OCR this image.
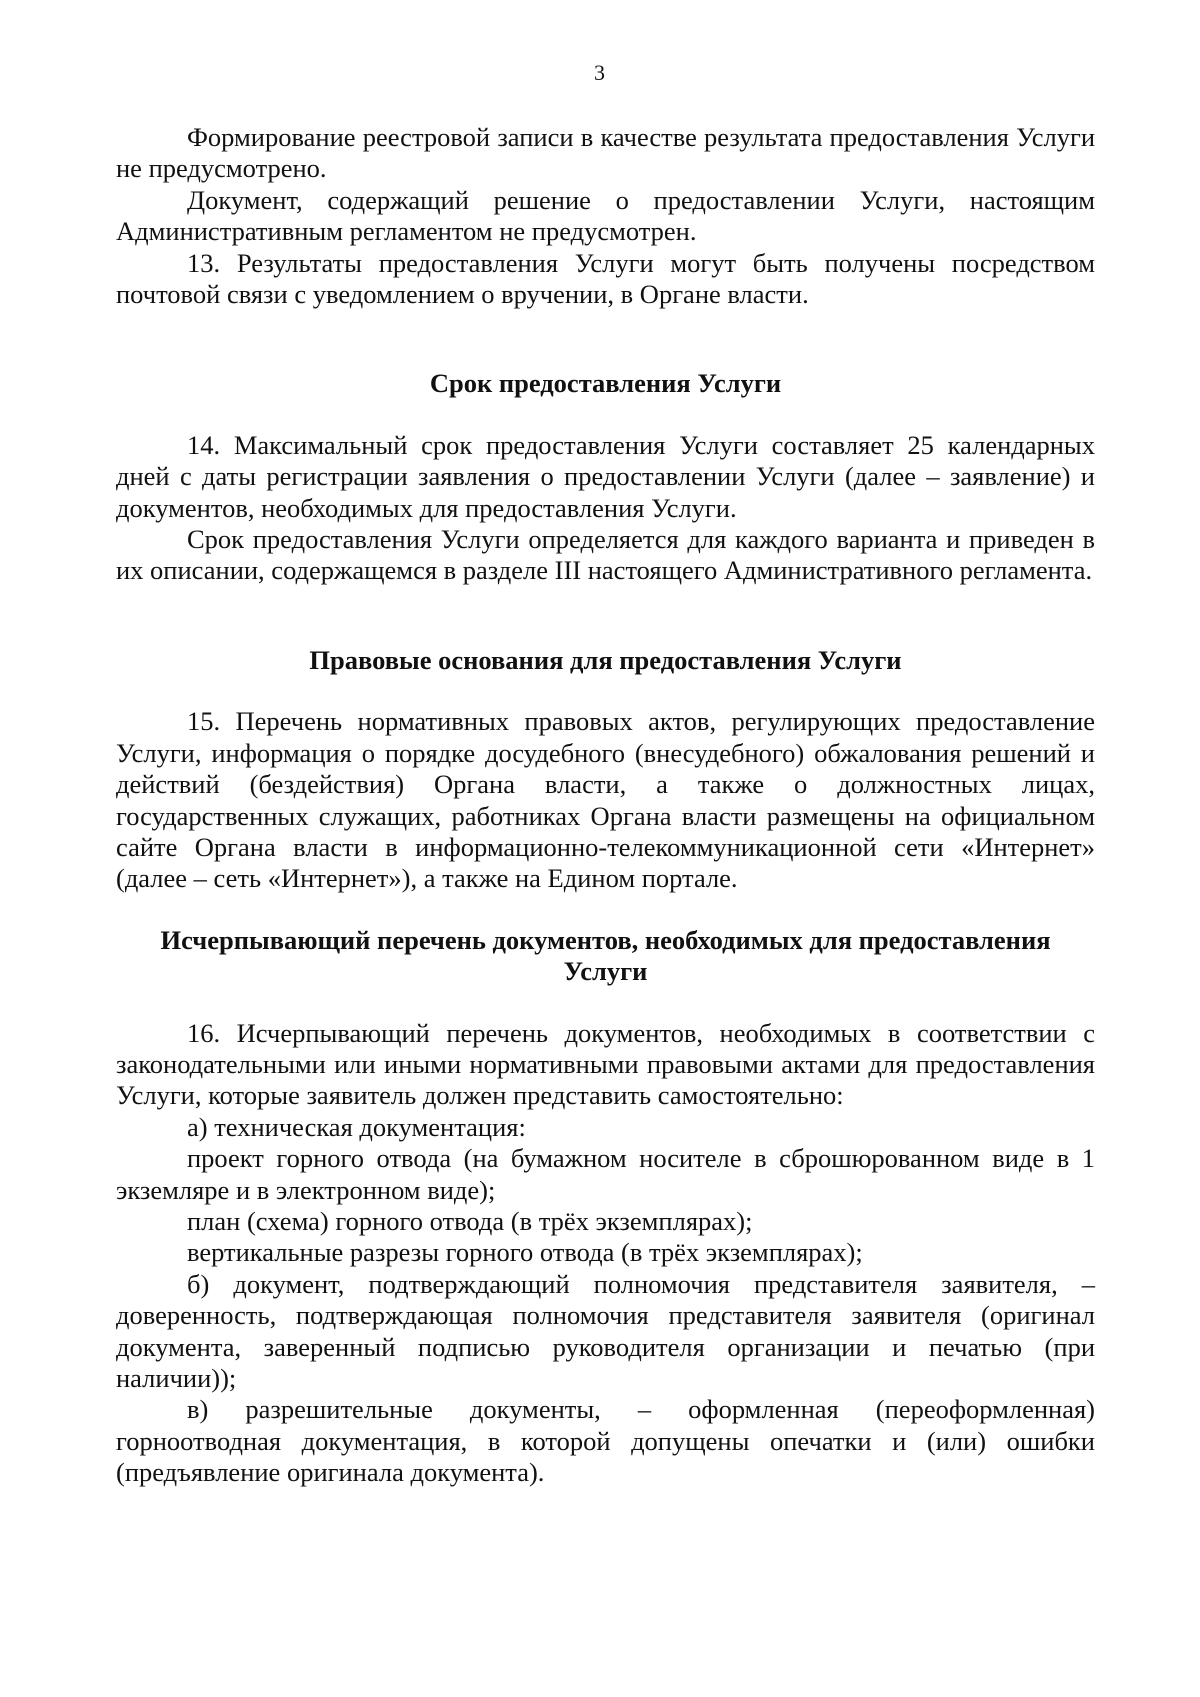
3

Формирование реестровой записи в качестве результата предоставления Услуги не предусмотрено.

Документ, содержащий решение о предоставлении Услуги, настоящим Административным регламентом не предусмотрен.

13. Результаты предоставления Услуги могут быть получены посредством почтовой связи с уведомлением о вручении, в Органе власти.

Срок предоставления Услуги

14. Максимальный срок предоставления Услуги составляет 25 календарных дней с даты регистрации заявления о предоставлении Услуги (далее – заявление) и документов, необходимых для предоставления Услуги.

Срок предоставления Услуги определяется для каждого варианта и приведен в их описании, содержащемся в разделе III настоящего Административного регламента.

Правовые основания для предоставления Услуги

15. Перечень нормативных правовых актов, регулирующих предоставление Услуги, информация о порядке досудебного (внесудебного) обжалования решений и действий (бездействия) Органа власти, а также о должностных лицах, государственных служащих, работниках Органа власти размещены на официальном сайте Органа власти в информационно-телекоммуникационной сети «Интернет» (далее – сеть «Интернет»), а также на Едином портале.

Исчерпывающий перечень документов, необходимых для предоставления
Услуги

16. Исчерпывающий перечень документов, необходимых в соответствии с законодательными или иными нормативными правовыми актами для предоставления Услуги, которые заявитель должен представить самостоятельно:

а) техническая документация:

проект горного отвода (на бумажном носителе в сброшюрованном виде в 1 экземляре и в электронном виде);

план (схема) горного отвода (в трёх экземплярах);

вертикальные разрезы горного отвода (в трёх экземплярах);

б) документ, подтверждающий полномочия представителя заявителя, – доверенность, подтверждающая полномочия представителя заявителя (оригинал документа, заверенный подписью руководителя организации и печатью (при наличии));

в) разрешительные документы, – оформленная (переоформленная) горноотводная документация, в которой допущены опечатки и (или) ошибки (предъявление оригинала документа).
